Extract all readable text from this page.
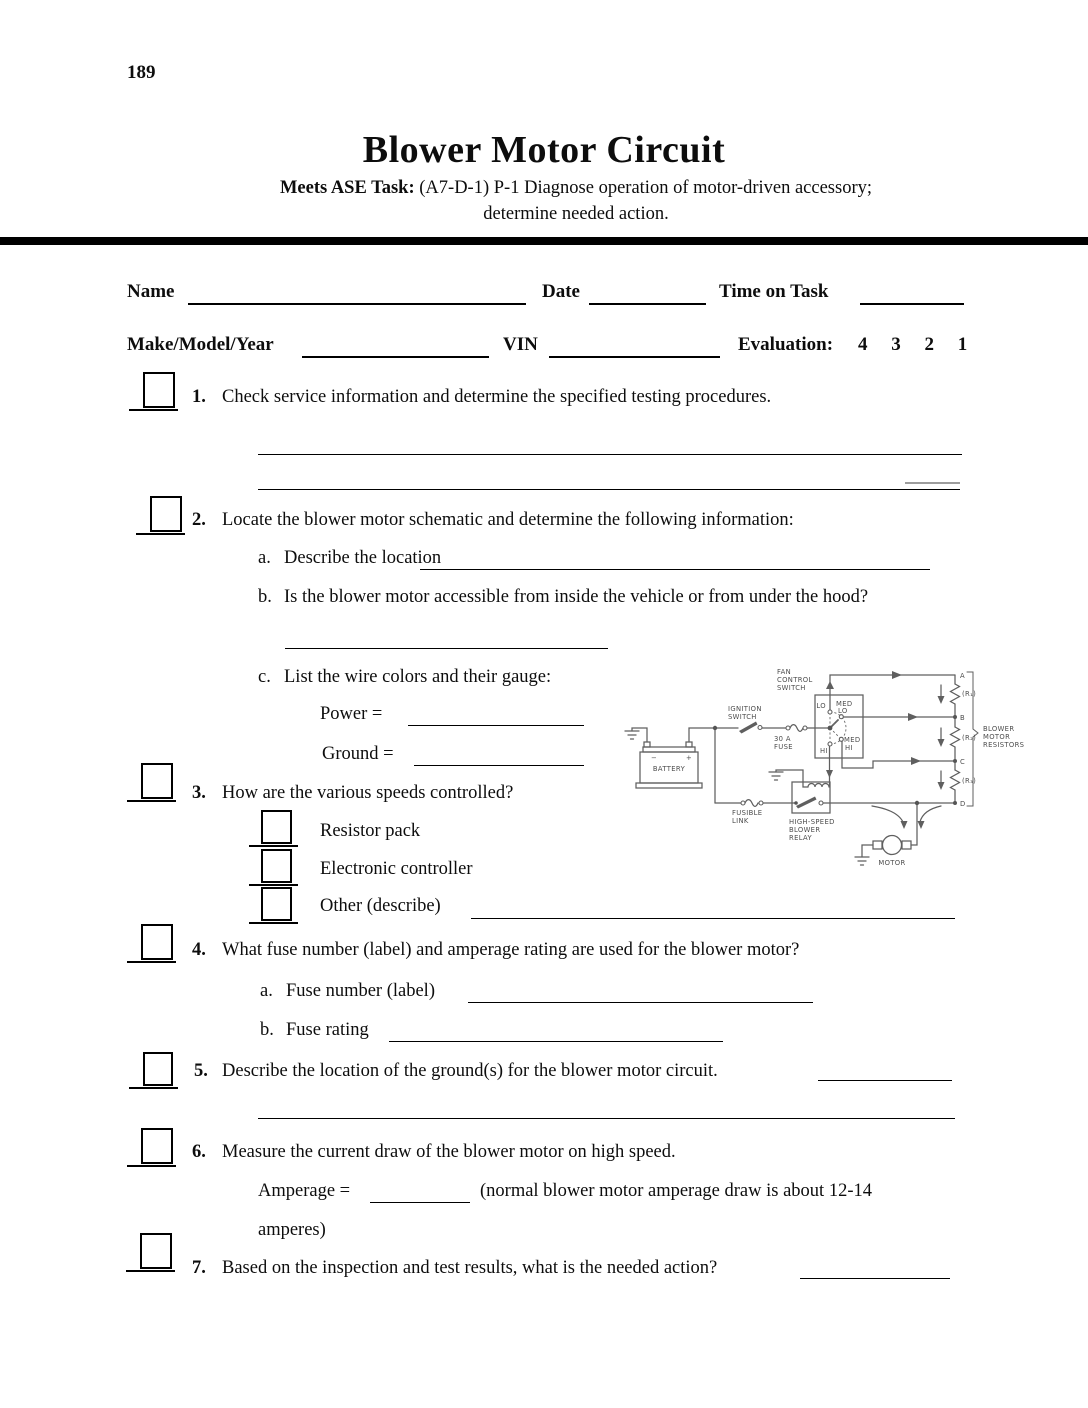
189
Blower Motor Circuit
Meets ASE Task: (A7-D-1) P-1 Diagnose operation of motor-driven accessory;
determine needed action.
Name	Date	Time on Task
Make/Model/Year	VIN	Evaluation: 4 3 2 1
1. Check service information and determine the specified testing procedures.
2. Locate the blower motor schematic and determine the following information:
a. Describe the location
b. Is the blower motor accessible from inside the vehicle or from under the hood?
c. List the wire colors and their gauge:
Power =
Ground =
3. How are the various speeds controlled?
Resistor pack
Electronic controller
Other (describe)
4. What fuse number (label) and amperage rating are used for the blower motor?
a. Fuse number (label)
b. Fuse rating
5. Describe the location of the ground(s) for the blower motor circuit.
6. Measure the current draw of the blower motor on high speed.
Amperage =	(normal blower motor amperage draw is about 12-14
amperes)
7. Based on the inspection and test results, what is the needed action?
FAN
CONTROL
SWITCH
IGNITION
SWITCH
30 A
FUSE
BATTERY
−	+
FUSIBLE
LINK	HIGH-SPEED
BLOWER
RELAY
BLOWER
MOTOR
RESISTORS
MOTOR
LO MED
LO
MED
HI
HI
A
B
C
D
(R₁)
(R₂)
(R₃)
